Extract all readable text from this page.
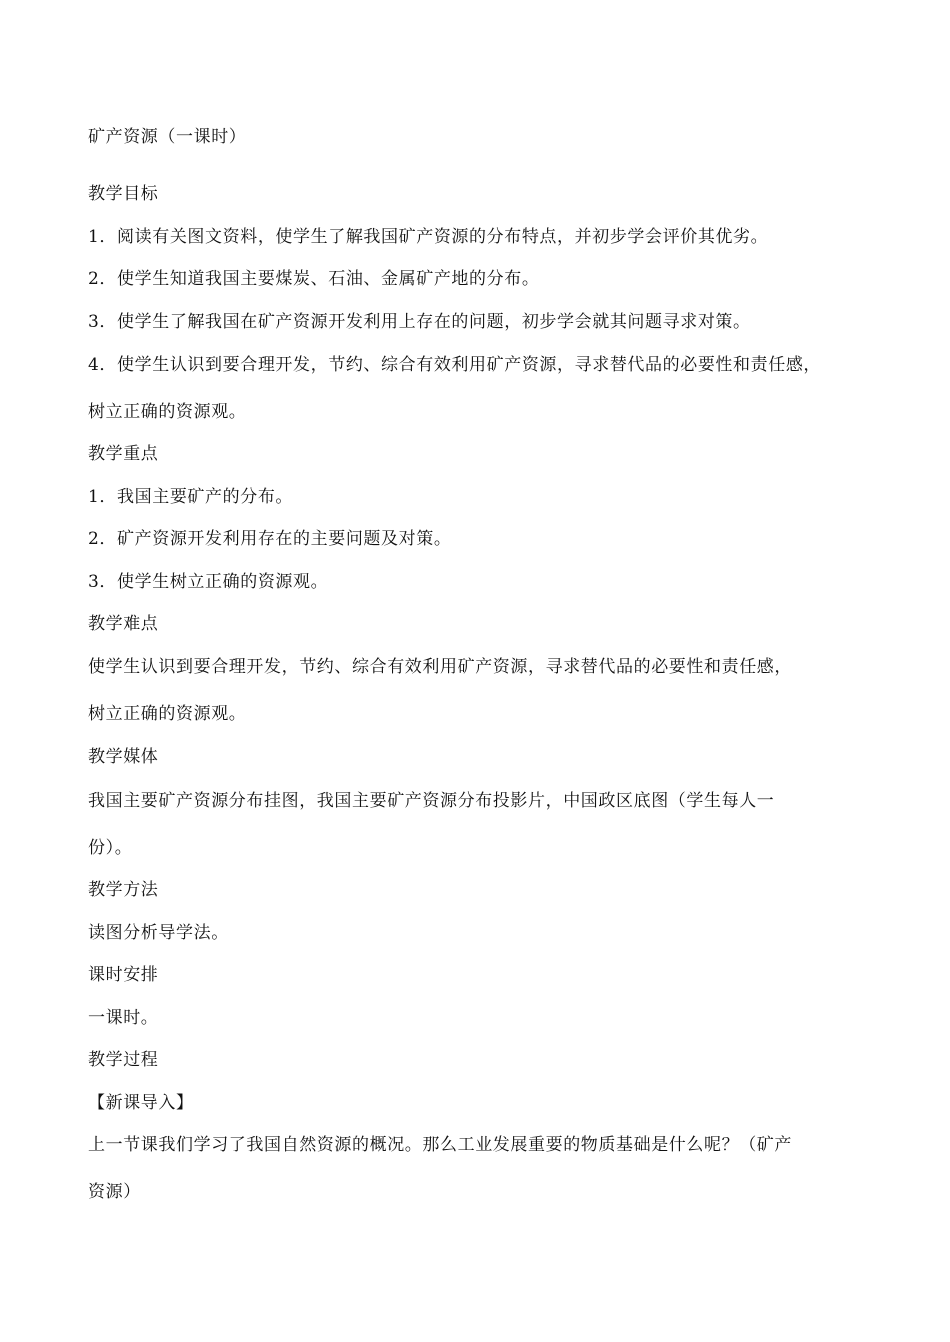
矿产资源（一课时）
教学目标
1．阅读有关图文资料，使学生了解我国矿产资源的分布特点，并初步学会评价其优劣。
2．使学生知道我国主要煤炭、石油、金属矿产地的分布。
3．使学生了解我国在矿产资源开发利用上存在的问题，初步学会就其问题寻求对策。
4．使学生认识到要合理开发，节约、综合有效利用矿产资源，寻求替代品的必要性和责任感，
树立正确的资源观。
教学重点
1．我国主要矿产的分布。
2．矿产资源开发利用存在的主要问题及对策。
3．使学生树立正确的资源观。
教学难点
使学生认识到要合理开发，节约、综合有效利用矿产资源，寻求替代品的必要性和责任感，
树立正确的资源观。
教学媒体
我国主要矿产资源分布挂图，我国主要矿产资源分布投影片，中国政区底图（学生每人一
份）。
教学方法
读图分析导学法。
课时安排
一课时。
教学过程
【新课导入】
上一节课我们学习了我国自然资源的概况。那么工业发展重要的物质基础是什么呢？（矿产
资源）
